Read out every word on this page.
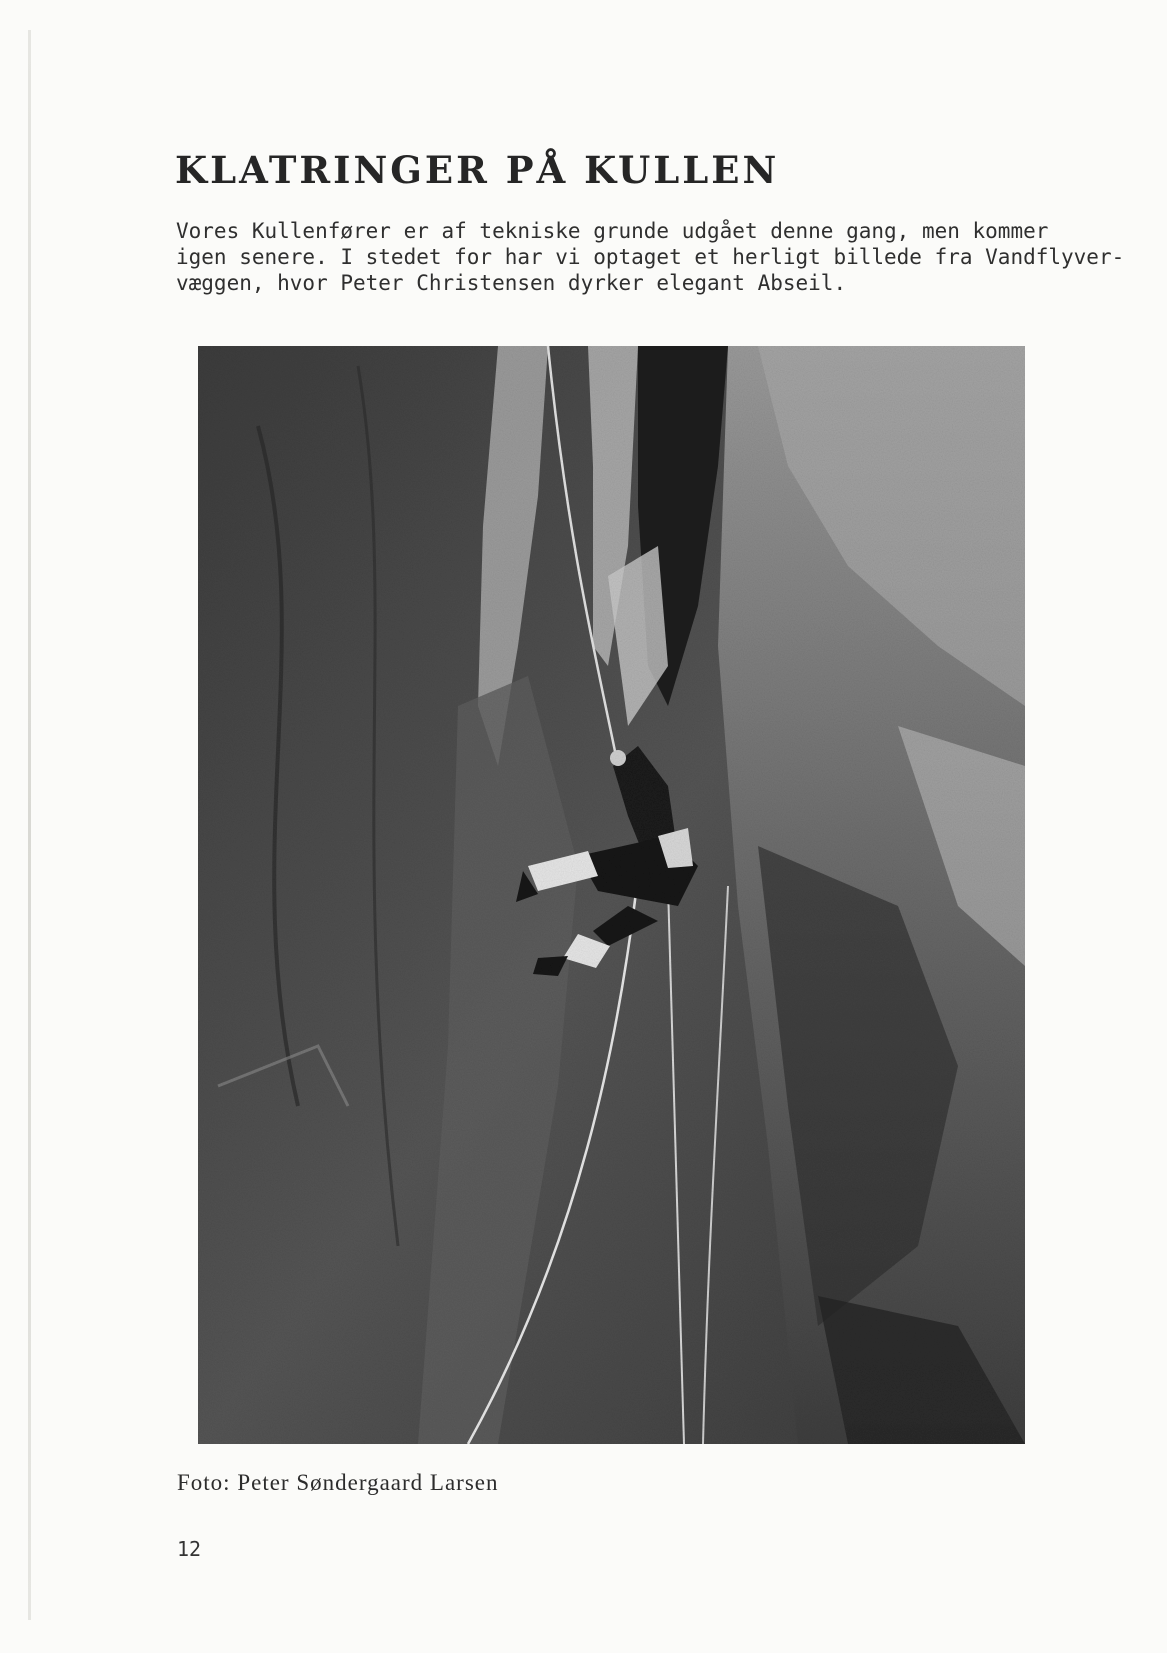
KLATRINGER PÅ KULLEN

Vores Kullenfører er af tekniske grunde udgået denne gang, men kommer
igen senere. I stedet for har vi optaget et herligt billede fra Vandflyver-
væggen, hvor Peter Christensen dyrker elegant Abseil.

Foto: Peter Søndergaard Larsen

12
